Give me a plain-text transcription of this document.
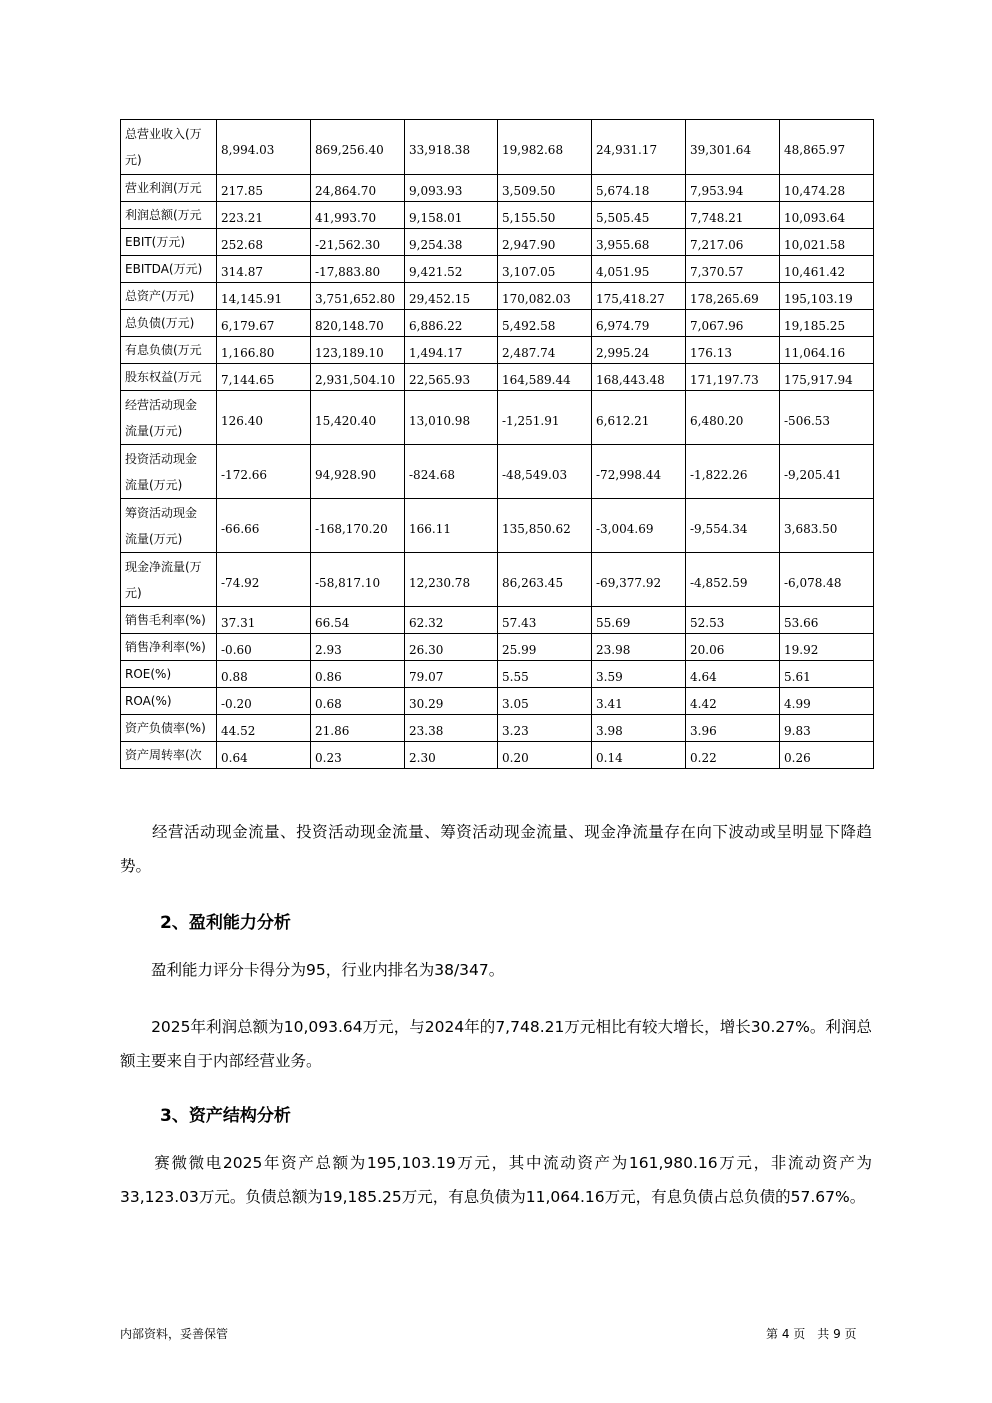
总营业收入(万
元)	8,994.03	869,256.40	33,918.38	19,982.68	24,931.17	39,301.64	48,865.97

营业利润(万元	217.85	24,864.70	9,093.93	3,509.50	5,674.18	7,953.94	10,474.28

利润总额(万元	223.21	41,993.70	9,158.01	5,155.50	5,505.45	7,748.21	10,093.64

EBIT(万元)	252.68	-21,562.30	9,254.38	2,947.90	3,955.68	7,217.06	10,021.58

EBITDA(万元)	314.87	-17,883.80	9,421.52	3,107.05	4,051.95	7,370.57	10,461.42

总资产(万元)	14,145.91	3,751,652.80	29,452.15	170,082.03	175,418.27	178,265.69	195,103.19

总负债(万元)	6,179.67	820,148.70	6,886.22	5,492.58	6,974.79	7,067.96	19,185.25

有息负债(万元	1,166.80	123,189.10	1,494.17	2,487.74	2,995.24	176.13	11,064.16

股东权益(万元	7,144.65	2,931,504.10	22,565.93	164,589.44	168,443.48	171,197.73	175,917.94

经营活动现金
流量(万元)	126.40	15,420.40	13,010.98	-1,251.91	6,612.21	6,480.20	-506.53

投资活动现金
流量(万元)	-172.66	94,928.90	-824.68	-48,549.03	-72,998.44	-1,822.26	-9,205.41

筹资活动现金
流量(万元)	-66.66	-168,170.20	166.11	135,850.62	-3,004.69	-9,554.34	3,683.50

现金净流量(万
元)	-74.92	-58,817.10	12,230.78	86,263.45	-69,377.92	-4,852.59	-6,078.48

销售毛利率(%)	37.31	66.54	62.32	57.43	55.69	52.53	53.66

销售净利率(%)	-0.60	2.93	26.30	25.99	23.98	20.06	19.92

ROE(%)	0.88	0.86	79.07	5.55	3.59	4.64	5.61

ROA(%)	-0.20	0.68	30.29	3.05	3.41	4.42	4.99

资产负债率(%)	44.52	21.86	23.38	3.23	3.98	3.96	9.83

资产周转率(次	0.64	0.23	2.30	0.20	0.14	0.22	0.26
　　经营活动现金流量、投资活动现金流量、筹资活动现金流量、现金净流量存在向下波动或呈明显下降趋势。
2、盈利能力分析
　　盈利能力评分卡得分为95，行业内排名为38/347。
　　2025年利润总额为10,093.64万元，与2024年的7,748.21万元相比有较大增长，增长30.27%。利润总额主要来自于内部经营业务。
3、资产结构分析
　　赛微微电2025年资产总额为195,103.19万元，其中流动资产为161,980.16万元，非流动资产为33,123.03万元。负债总额为19,185.25万元，有息负债为11,064.16万元，有息负债占总负债的57.67%。
内部资料，妥善保管	第 4 页　共 9 页
